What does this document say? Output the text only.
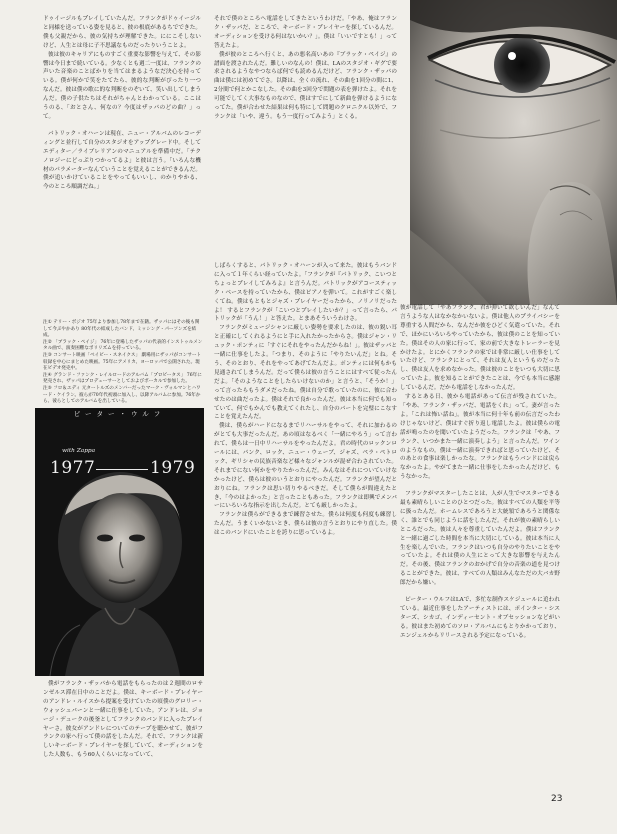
ドゥイージルもプレイしていたんだ。フランクがドゥイージルと同様を送っている姿を見ると、彼の根底があるちでできた。僕も父親だから、彼の気持ちが理解できた。ににこそしないけど、人生とは母に子不思議なものだったりいうことよ。

彼は彼のキャリアにものすごく重要な影響を与えて、その影響は今日まで続いている。少なくとも週二一度は、フランクの声いた音楽のことばかりを当てはまるようなだ決心を持っている。僕が何かで笑をたてたら、彼的な判断がぴったり一つなんだ。彼は僕の歌に的な判断をのぞいて、笑い出してしまうんだ。僕の子供たちはそれがちゃんとわかっている。ここはうのる、「おとさん、何なの？今度はザッパのどの曲？」って。

パトリック・オハーンは現在、ニュー・アルバムのレコーディングと並行して自分のスタジオをアップグレード中。そしてエディター／ライブレリアンのマニュアルを準備中だ。「テクノロジーにどっぷりつかってるよ」と彼は言う。「いろんな機材のパラメーターなんていうことを覚えることができるんだ。僕が追いかけていることをやってもいいし、のかりやかる、今のところ順調だね。」

注① テリー・ボジオ 75年より参加し78年まで在籍。ザッパにはその後も関して今ぶやかあり 80年代の結成したバンド、ミッシング・パーソンズを結成。
注② 「ブラック・ペイジ」 76年に登場したザッパの代表的インストゥルメンタル曲で、演奏困難なポリリズムを持っている。
注③ コンサート映画「ベイビー・スネイクス」 劇場用にザッパがコンサート収録を中心にまとめた映画。75年にアメリカ、ヨーロッパで公開された。現在ビデオ発売中。
注④ グランド・ファンク・レイルロードのアルバム「プロビータス」 76年に発売され、ザッパはプロデューサーとしておよびボーカルで参加した。
注⑤ フロ＆エディ 元タートルズのメンバーだったマーク・ヴォルマンとハワード・ケイラン。彼らが70年代初頭に加入し、以降アルバムに参加。76年から、彼らとしてのアルバムを出している。
ピーター・ウルフ
with Zappa
1977	1979

僕がフランク・ザッパから電話をもらったのは２週間のロサンゼルス滞在日中のことだよ。僕は、キーボード・プレイヤーのアンドレ・ルイスから提案を受けていたの頃僕のグロリー・ウォッシュバーンと一緒に仕事をしていた。アンドレは、ジョージ・デュークの後釜としてフランクのバンドに入ったプレイヤーさ。彼女がアンドレについてのテープを聴かせて、彼がフランクの家へ行って僕の話をしたんだ。それで、フランクは新しいキーボード・プレイヤーを探していて、オーディションをした人数も、もう60人くらいになっていて、

それで僕のところへ電話をしてきたというわけだ。「やあ、俺はフランク・ザッパだ、ところで、キーボード・プレイヤーを探しているんだ。オーディションを受ける何はないかい？」。僕は「いいですとも！」って答えたよ。

僕が彼のところへ行くと、あの悪名高いあの『ブラック・ペイジ』の譜面を渡されたんだ。難しいのなんの！僕は、LAのスタジオ・ギグで要求されるようなやつならば何でも読めるんだけど、フランク・ザッパの曲は僕には初めてでさ。以降は、全くの流れ、その曲を1回分の間に1、2分間で何とかこなした。その曲を3回分で問題の表を弾けたよ。それを可能でしてく大事なものなので、僕はすでにして新曲を弾けるようになってた。僕が合わせた結果は何も特にして問題のクロニクル以外で、フランクは「いや、違う。もう一度行ってみよう」とくる。

しばらくすると、パトリック・オハーンが入って来た。彼はもうバンドに入って１年くらい経っていたよ。「フランクが『パトリック、こいつとちょっとプレイしてみろよ』と言うんだ。パトリックがアコースティック・ベースを持っていたから、僕はピアノを弾いて。これがすごく楽しくてね。僕はもともとジャズ・プレイヤーだったから、ノリノリだったよ！ するとフランクが「こいつとプレイしたいか？」って言ったら、パトリックが「うん！」と答えた。とまあそういうわけさ。

フランクがミュージシャンに厳しい姿勢を要求したのは、彼の鋭い耳と正確にしてくれるようにと手に入れたかったからさ。僕はジャン・リュック・ポンティに「すぐにそれをやったんだからね！」。彼はザッパと一緒に仕事をしたよ。「つまり、そのように「やりたいんだ」とね。そう、そのとおり、それをやってあげてたんだよ。ポンティには何もかも見通されてしまうんだ。だって僕らは彼の言うことにはすべて従ったんだよ。「そのようなことをしたらいけないのか」と言うと、「そうか！」って言ったらもうダメだったね。僕は自分で歌っていたのに、彼に合わせたのは曲だったよ。僕はそれで良かったんだ。彼は本当に何でも知っていて、何でもかんでも教えてくれたし、自分のパートを完璧にこなすことを覚えたんだ。

僕は、僕らがハードになるまでリハーサルをやって、それに加わるのがとても大事だったんだ。あの頃はなるべく「一緒にやろう」って言われて、僕らは一日中リハーサルをやったんだよ。君の時代のロックンロールには、パンク、ロック、ニュー・ウェーブ、ジャズ、ペラ・ペトロック、ギリシャの民族音楽など様々なジャンルが混ぜ合わされていた。それまでにない何かをやりたかったんだ。みんなはそれについていけなかったけど、僕らは彼のいうとおりにやったんだ。フランクが望んだとおりにね。フランクは思い切りやるべきだ。そして僕らが間違えたとき、「今のはよかった」と言ったこともあった。フランクは即興でメンバーにいろいろな指示を出したんだ。とても厳しかったよ。

フランクは僕らができるまで練習させた。僕らは何度も何度も練習したんだ。うまくいかないとき、僕らは彼の言うとおりにやり直した。僕はこのバンドにいたことを誇りに思っているよ。

彼が電話して「やあフランク、君が弾いて欲しいんだ」なんて言うような人はなかなかいないよ。僕は他人のプライバシーを尊重する人間だから、なんだか彼をひどく気遣っていた。それで、ほかにいろいろやっていたから、彼は僕のことを知っていた。僕はその人の家に行って、家の前で大きなトレーラーを見かけたよ。とにかくフランクの家では非常に厳しい仕事をしていたけど、フランクにとって、それは友人というものだったし、僕は友人を求めなかった。僕は彼のことをいつも大切に思っていたよ。彼を知ることができたことは、今でも本当に感謝しているんだ。だから電話をしなかったんだ。

するとある日、彼から電話があって伝言が残されていた。「やあ、フランク・ザッパだ、電話をくれ」って。妻が言ったよ。「これは怖い話ね」。彼が本当に何十年も前の伝言だったわけじゃないけど、僕はすぐ折り返し電話したよ。彼は僕らの電話が鳴ったのを聞いていたようだった。フランクは「やあ、フランク、いつかまた一緒に演奏しよう」と言ったんだ。ワインのようなもの。僕は一緒に演奏できればと思っていたけど、そのあとの食事は楽しかったな。フランクはもうバンドには戻らなかったよ。やがてまた一緒に仕事をしたかったんだけど、もうなかった。

フランクがマスターしたことは、人が人生でマスターできる最も素晴らしいことのひとつだった。彼はすべての人類を平等に扱ったんだ。ホームレスであろうと大統領であろうと関係なく、誰とでも同じように話をしたんだ。それが彼の素晴らしいところだった。彼は人々を尊重していたんだよ。僕はフランクと一緒に過ごした時間を本当に大切にしている。彼は本当に人生を楽しんでいた。フランクはいつも自分のやりたいことをやっていたよ。それは僕の人生にとって大きな影響を与えたんだ。その後、僕はフランクのおかげで自分の音楽の道を見つけることができた。彼は、すべての人類はみんなただの大バカ野郎だから嫌い。

ピーター・ウルフはLAで、多忙な制作スケジュールに追われている。最近仕事をしたアーティストには、ポインター・シスターズ、シカゴ、インディーセント・オブセッションなどがいる。彼はまた初めてのソロ・アルバムにもとりかかっており、エンジェルからリリースされる予定になっている。

23
